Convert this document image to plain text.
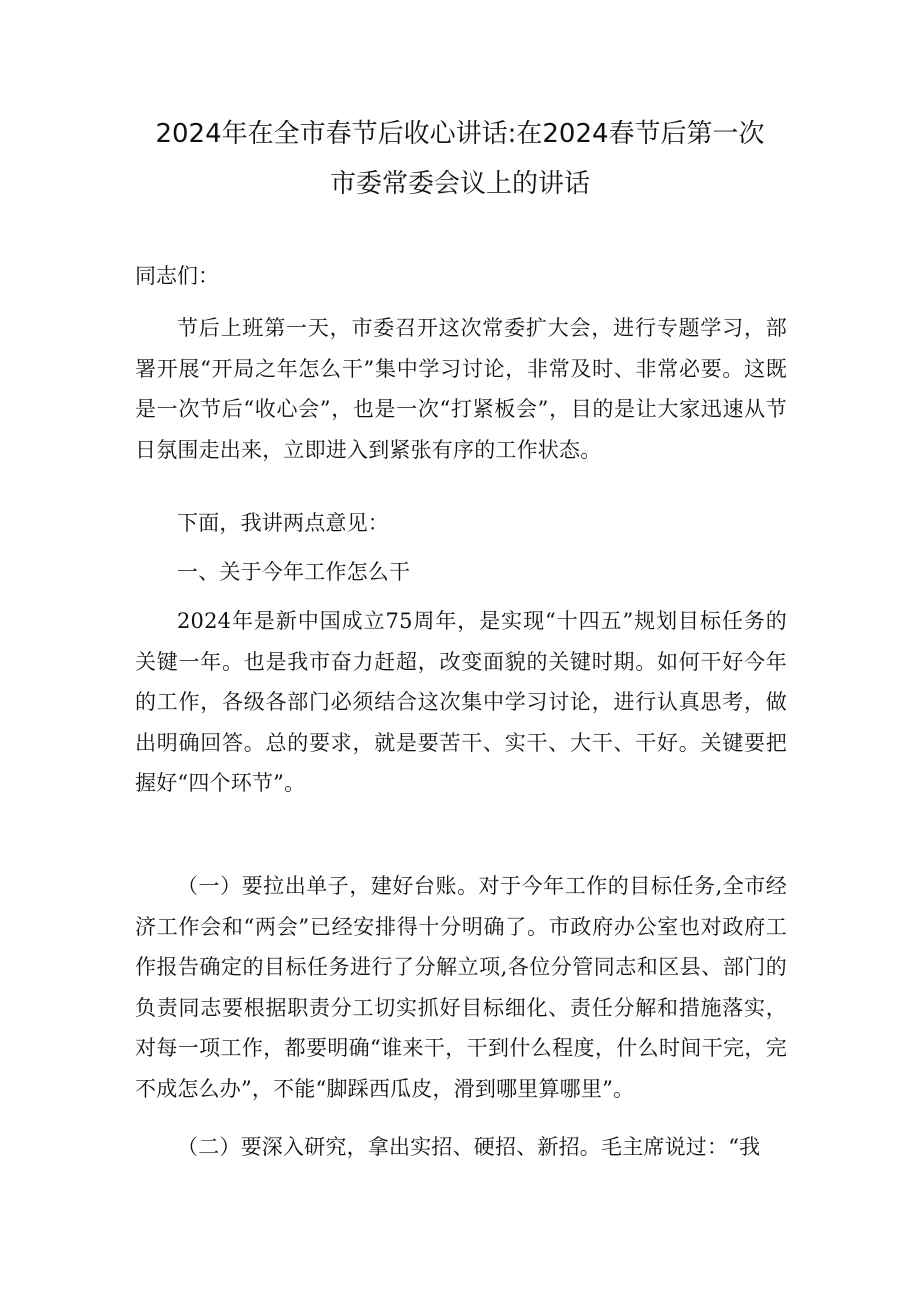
2024年在全市春节后收心讲话:在2024春节后第一次
市委常委会议上的讲话
同志们：
节后上班第一天，市委召开这次常委扩大会，进行专题学习，部署开展“开局之年怎么干”集中学习讨论，非常及时、非常必要。这既是一次节后“收心会”，也是一次“打紧板会”，目的是让大家迅速从节日氛围走出来，立即进入到紧张有序的工作状态。
下面，我讲两点意见：
一、关于今年工作怎么干
2024年是新中国成立75周年，是实现“十四五”规划目标任务的关键一年。也是我市奋力赶超，改变面貌的关键时期。如何干好今年的工作，各级各部门必须结合这次集中学习讨论，进行认真思考，做出明确回答。总的要求，就是要苦干、实干、大干、干好。关键要把握好“四个环节”。
（一）要拉出单子，建好台账。对于今年工作的目标任务,全市经济工作会和“两会”已经安排得十分明确了。市政府办公室也对政府工作报告确定的目标任务进行了分解立项,各位分管同志和区县、部门的负责同志要根据职责分工切实抓好目标细化、责任分解和措施落实，对每一项工作，都要明确“谁来干，干到什么程度，什么时间干完，完不成怎么办”，不能“脚踩西瓜皮，滑到哪里算哪里”。
（二）要深入研究，拿出实招、硬招、新招。毛主席说过：“我
